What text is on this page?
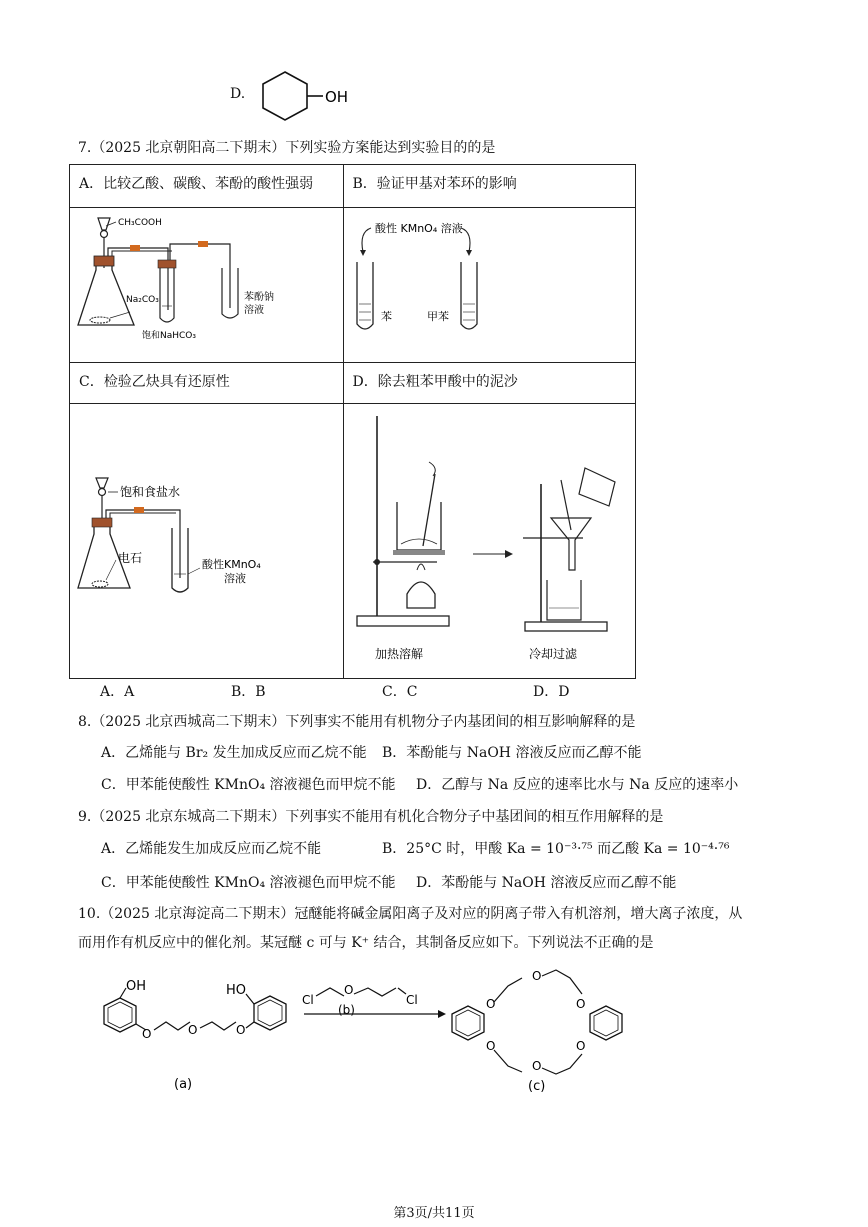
D.	OH
7.（2025 北京朝阳高二下期末）下列实验方案能达到实验目的的是
A．比较乙酸、碳酸、苯酚的酸性强弱	B．验证甲基对苯环的影响

C．检验乙炔具有还原性	D．除去粗苯甲酸中的泥沙

CH₃COOH
Na₂CO₃
饱和NaHCO₃
苯酚钠
溶液
酸性 KMnO₄ 溶液
苯	甲苯
饱和食盐水
电石	酸性KMnO₄
溶液
加热溶解	冷却过滤
A．A	B．B	C．C	D．D
8.（2025 北京西城高二下期末）下列事实不能用有机物分子内基团间的相互影响解释的是
A．乙烯能与 Br₂ 发生加成反应而乙烷不能 B．苯酚能与 NaOH 溶液反应而乙醇不能
C．甲苯能使酸性 KMnO₄ 溶液褪色而甲烷不能 D．乙醇与 Na 反应的速率比水与 Na 反应的速率小
9.（2025 北京东城高二下期末）下列事实不能用有机化合物分子中基团间的相互作用解释的是
A．乙烯能发生加成反应而乙烷不能	B．25°C 时，甲酸 Ka = 10⁻³·⁷⁵ 而乙酸 Ka = 10⁻⁴·⁷⁶
C．甲苯能使酸性 KMnO₄ 溶液褪色而甲烷不能 D．苯酚能与 NaOH 溶液反应而乙醇不能
10.（2025 北京海淀高二下期末）冠醚能将碱金属阳离子及对应的阴离子带入有机溶剂，增大离子浓度，从
而用作有机反应中的催化剂。某冠醚 c 可与 K⁺ 结合，其制备反应如下。下列说法不正确的是
OH
O	O	O
HO
(a)
Cl
O
Cl
(b)	O
O
O
O
O
O
(c)
第3页/共11页
